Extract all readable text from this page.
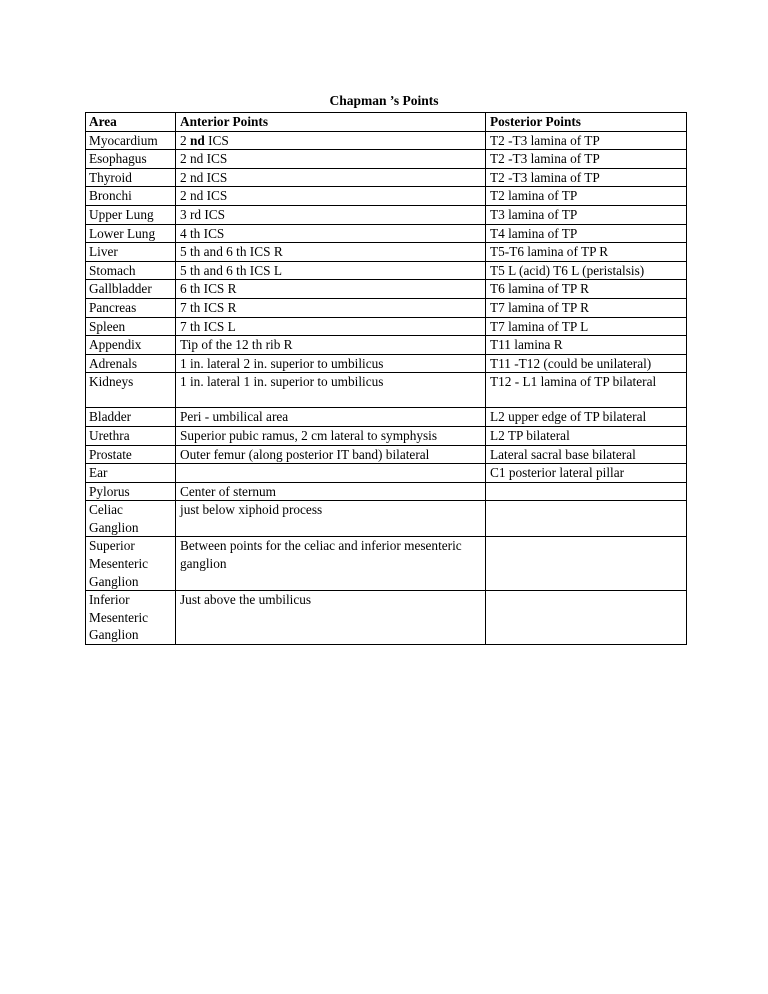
Chapman ’s Points
Area	Anterior Points	Posterior Points
Myocardium	2 nd ICS	T2 -T3 lamina of TP
Esophagus	2 nd ICS	T2 -T3 lamina of TP
Thyroid	2 nd ICS	T2 -T3 lamina of TP
Bronchi	2 nd ICS	T2 lamina of TP
Upper Lung	3 rd ICS	T3 lamina of TP
Lower Lung	4 th ICS	T4 lamina of TP
Liver	5 th and 6 th ICS R	T5-T6 lamina of TP R
Stomach	5 th and 6 th ICS L	T5 L (acid) T6 L (peristalsis)
Gallbladder	6 th ICS R	T6 lamina of TP R
Pancreas	7 th ICS R	T7 lamina of TP R
Spleen	7 th ICS L	T7 lamina of TP L
Appendix	Tip of the 12 th rib R	T11 lamina R
Adrenals	1 in. lateral 2 in. superior to umbilicus	T11 -T12 (could be unilateral)
Kidneys	1 in. lateral 1 in. superior to umbilicus	T12 - L1 lamina of TP bilateral
Bladder	Peri - umbilical area	L2 upper edge of TP bilateral
Urethra	Superior pubic ramus, 2 cm lateral to symphysis	L2 TP bilateral
Prostate	Outer femur (along posterior IT band) bilateral	Lateral sacral base bilateral
Ear		C1 posterior lateral pillar
Pylorus	Center of sternum	
Celiac Ganglion	just below xiphoid process	
Superior Mesenteric Ganglion	Between points for the celiac and inferior mesenteric ganglion	
Inferior Mesenteric Ganglion	Just above the umbilicus	
